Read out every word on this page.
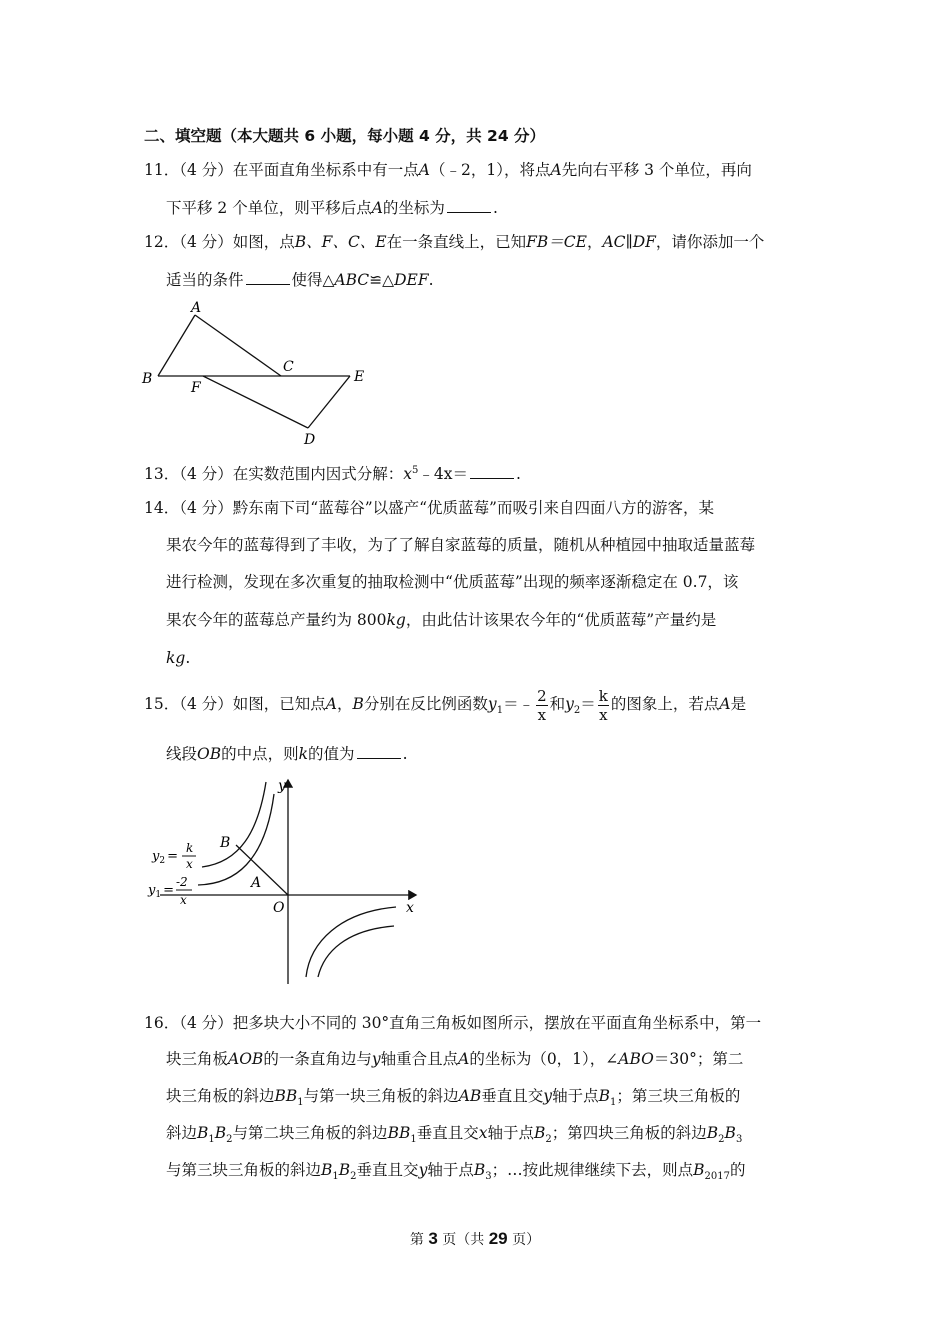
二、填空题（本大题共 6 小题，每小题 4 分，共 24 分）
11．（4 分）在平面直角坐标系中有一点A（﹣2，1），将点A先向右平移 3 个单位，再向
下平移 2 个单位，则平移后点A的坐标为	.
12．（4 分）如图，点B、F、C、E在一条直线上，已知FB＝CE，AC∥DF，请你添加一个
适当的条件	使得△ABC≌△DEF.
A
B
C
E
F
D
13．（4 分）在实数范围内因式分解：$x^5﹣4x=$	.
14．（4 分）黔东南下司“蓝莓谷”以盛产“优质蓝莓”而吸引来自四面八方的游客，某
果农今年的蓝莓得到了丰收，为了了解自家蓝莓的质量，随机从种植园中抽取适量蓝莓
进行检测，发现在多次重复的抽取检测中“优质蓝莓”出现的频率逐渐稳定在 0.7，该
果农今年的蓝莓总产量约为 800kg，由此估计该果农今年的“优质蓝莓”产量约是
kg.
15．（4 分）如图，已知点A，B分别在反比例函数$y_1=﹣ \frac{2}{x}$ 和$y_2= \frac{k}{x}$ 的图象上，若点A是
线段OB的中点，则k的值为	.
y
x
O
A
B
$y_2$ =
k
x
$y_1$ =
-2
x
16．（4 分）把多块大小不同的 30°直角三角板如图所示，摆放在平面直角坐标系中，第一
块三角板AOB的一条直角边与y轴重合且点A的坐标为（0，1），∠ABO＝30°；第二
块三角板的斜边$BB_1$与第一块三角板的斜边AB垂直且交y轴于点$B_1$；第三块三角板的
斜边$B_1B_2$与第二块三角板的斜边$BB_1$垂直且交x轴于点$B_2$；第四块三角板的斜边$B_2B_3$
与第三块三角板的斜边$B_1B_2$垂直且交y轴于点$B_3$；…按此规律继续下去，则点$B_{2017}$的
第 3 页（共 29 页）
